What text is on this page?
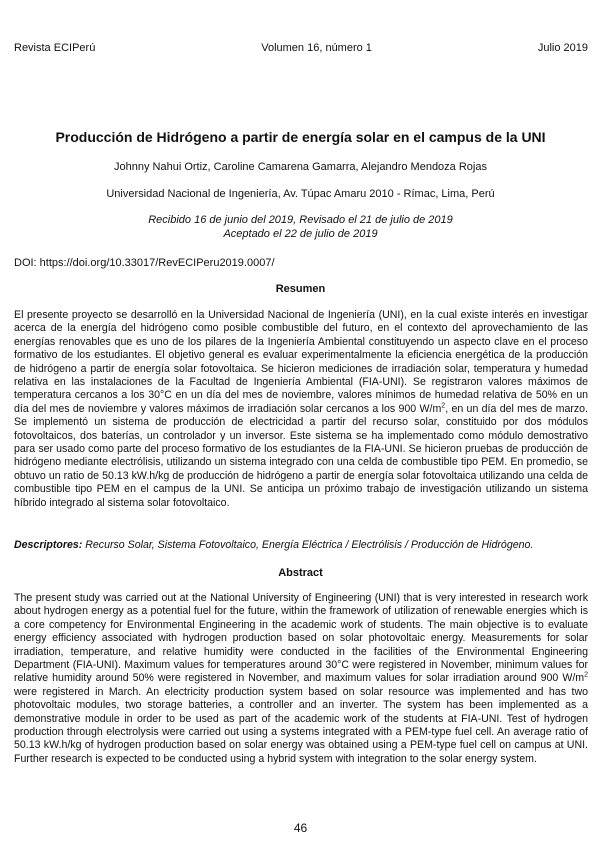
Revista ECIPerú	Volumen 16, número 1	Julio 2019
Producción de Hidrógeno a partir de energía solar en el campus de la UNI
Johnny Nahui Ortiz, Caroline Camarena Gamarra, Alejandro Mendoza Rojas
Universidad Nacional de Ingeniería, Av. Túpac Amaru 2010 - Rímac, Lima, Perú
Recibido 16 de junio del 2019, Revisado el 21 de julio de 2019
Aceptado el 22 de julio de 2019
DOI: https://doi.org/10.33017/RevECIPeru2019.0007/
Resumen
El presente proyecto se desarrolló en la Universidad Nacional de Ingeniería (UNI), en la cual existe interés en investigar acerca de la energía del hidrógeno como posible combustible del futuro, en el contexto del aprovechamiento de las energías renovables que es uno de los pilares de la Ingeniería Ambiental constituyendo un aspecto clave en el proceso formativo de los estudiantes. El objetivo general es evaluar experimentalmente la eficiencia energética de la producción de hidrógeno a partir de energía solar fotovoltaica. Se hicieron mediciones de irradiación solar, temperatura y humedad relativa en las instalaciones de la Facultad de Ingeniería Ambiental (FIA-UNI). Se registraron valores máximos de temperatura cercanos a los 30°C en un día del mes de noviembre, valores mínimos de humedad relativa de 50% en un día del mes de noviembre y valores máximos de irradiación solar cercanos a los 900 $W/m^2$, en un día del mes de marzo. Se implementó un sistema de producción de electricidad a partir del recurso solar, constituido por dos módulos fotovoltaicos, dos baterías, un controlador y un inversor. Este sistema se ha implementado como módulo demostrativo para ser usado como parte del proceso formativo de los estudiantes de la FIA-UNI. Se hicieron pruebas de producción de hidrógeno mediante electrólisis, utilizando un sistema integrado con una celda de combustible tipo PEM. En promedio, se obtuvo un ratio de 50.13 kW.h/kg de producción de hidrógeno a partir de energía solar fotovoltaica utilizando una celda de combustible tipo PEM en el campus de la UNI. Se anticipa un próximo trabajo de investigación utilizando un sistema híbrido integrado al sistema solar fotovoltaico.
Descriptores: Recurso Solar, Sistema Fotovoltaico, Energía Eléctrica / Electrólisis / Producción de Hidrógeno.
Abstract
The present study was carried out at the National University of Engineering (UNI) that is very interested in research work about hydrogen energy as a potential fuel for the future, within the framework of utilization of renewable energies which is a core competency for Environmental Engineering in the academic work of students. The main objective is to evaluate energy efficiency associated with hydrogen production based on solar photovoltaic energy. Measurements for solar irradiation, temperature, and relative humidity were conducted in the facilities of the Environmental Engineering Department (FIA-UNI). Maximum values for temperatures around 30°C were registered in November, minimum values for relative humidity around 50% were registered in November, and maximum values for solar irradiation around 900 $W/m^2$ were registered in March. An electricity production system based on solar resource was implemented and has two photovoltaic modules, two storage batteries, a controller and an inverter. The system has been implemented as a demonstrative module in order to be used as part of the academic work of the students at FIA-UNI. Test of hydrogen production through electrolysis were carried out using a systems integrated with a PEM-type fuel cell. An average ratio of 50.13 kW.h/kg of hydrogen production based on solar energy was obtained using a PEM-type fuel cell on campus at UNI. Further research is expected to be conducted using a hybrid system with integration to the solar energy system.
46
